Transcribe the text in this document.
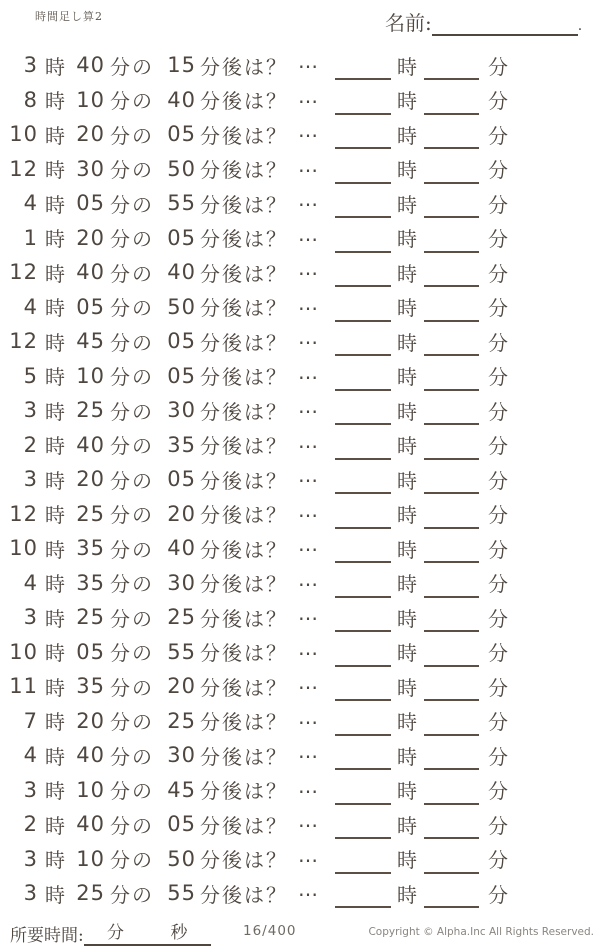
時間足し算2	名前:	.
3 時 40 分の 15 分後は？ …	時	分
8 時 10 分の 40 分後は？ …	時	分
10 時 20 分の 05 分後は？ …	時	分
12 時 30 分の 50 分後は？ …	時	分
4 時 05 分の 55 分後は？ …	時	分
1 時 20 分の 05 分後は？ …	時	分
12 時 40 分の 40 分後は？ …	時	分
4 時 05 分の 50 分後は？ …	時	分
12 時 45 分の 05 分後は？ …	時	分
5 時 10 分の 05 分後は？ …	時	分
3 時 25 分の 30 分後は？ …	時	分
2 時 40 分の 35 分後は？ …	時	分
3 時 20 分の 05 分後は？ …	時	分
12 時 25 分の 20 分後は？ …	時	分
10 時 35 分の 40 分後は？ …	時	分
4 時 35 分の 30 分後は？ …	時	分
3 時 25 分の 25 分後は？ …	時	分
10 時 05 分の 55 分後は？ …	時	分
11 時 35 分の 20 分後は？ …	時	分
7 時 20 分の 25 分後は？ …	時	分
4 時 40 分の 30 分後は？ …	時	分
3 時 10 分の 45 分後は？ …	時	分
2 時 40 分の 05 分後は？ …	時	分
3 時 10 分の 50 分後は？ …	時	分
3 時 25 分の 55 分後は？ …	時	分
所要時間: 分	秒	16/400	Copyright © Alpha.Inc All Rights Reserved.
